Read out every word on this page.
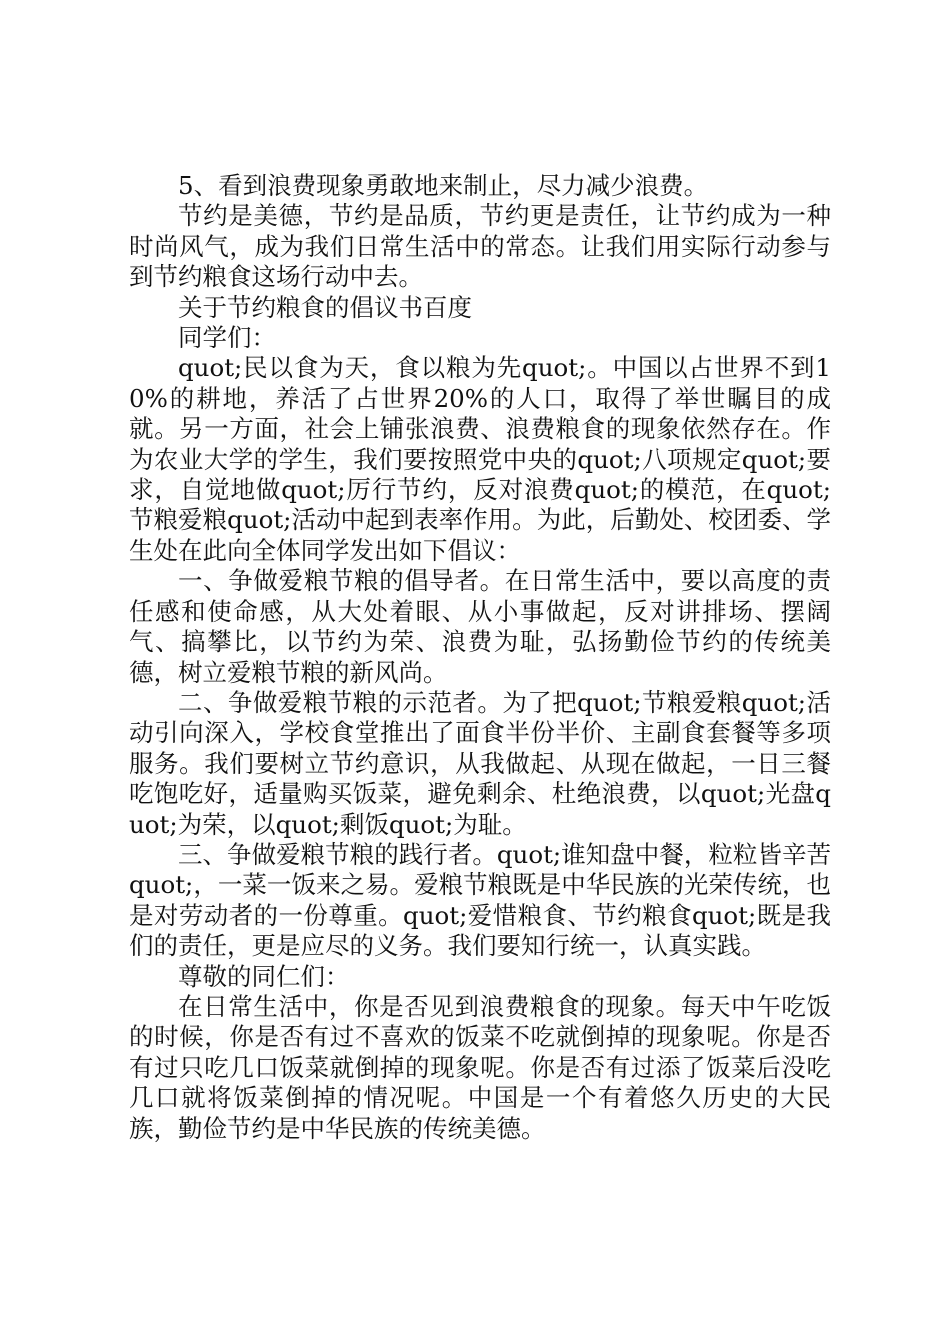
5、看到浪费现象勇敢地来制止，尽力减少浪费。

节约是美德，节约是品质，节约更是责任，让节约成为一种时尚风气，成为我们日常生活中的常态。让我们用实际行动参与到节约粮食这场行动中去。

关于节约粮食的倡议书百度

同学们：

quot;民以食为天，食以粮为先quot;。中国以占世界不到10%的耕地，养活了占世界20%的人口，取得了举世瞩目的成就。另一方面，社会上铺张浪费、浪费粮食的现象依然存在。作为农业大学的学生，我们要按照党中央的quot;八项规定quot;要求，自觉地做quot;厉行节约，反对浪费quot;的模范，在quot;节粮爱粮quot;活动中起到表率作用。为此，后勤处、校团委、学生处在此向全体同学发出如下倡议：

一、争做爱粮节粮的倡导者。在日常生活中，要以高度的责任感和使命感，从大处着眼、从小事做起，反对讲排场、摆阔气、搞攀比，以节约为荣、浪费为耻，弘扬勤俭节约的传统美德，树立爱粮节粮的新风尚。

二、争做爱粮节粮的示范者。为了把quot;节粮爱粮quot;活动引向深入，学校食堂推出了面食半份半价、主副食套餐等多项服务。我们要树立节约意识，从我做起、从现在做起，一日三餐吃饱吃好，适量购买饭菜，避免剩余、杜绝浪费，以quot;光盘quot;为荣，以quot;剩饭quot;为耻。

三、争做爱粮节粮的践行者。quot;谁知盘中餐，粒粒皆辛苦quot;，一菜一饭来之易。爱粮节粮既是中华民族的光荣传统，也是对劳动者的一份尊重。quot;爱惜粮食、节约粮食quot;既是我们的责任，更是应尽的义务。我们要知行统一，认真实践。

尊敬的同仁们：

在日常生活中，你是否见到浪费粮食的现象。每天中午吃饭的时候，你是否有过不喜欢的饭菜不吃就倒掉的现象呢。你是否有过只吃几口饭菜就倒掉的现象呢。你是否有过添了饭菜后没吃几口就将饭菜倒掉的情况呢。中国是一个有着悠久历史的大民族，勤俭节约是中华民族的传统美德。
